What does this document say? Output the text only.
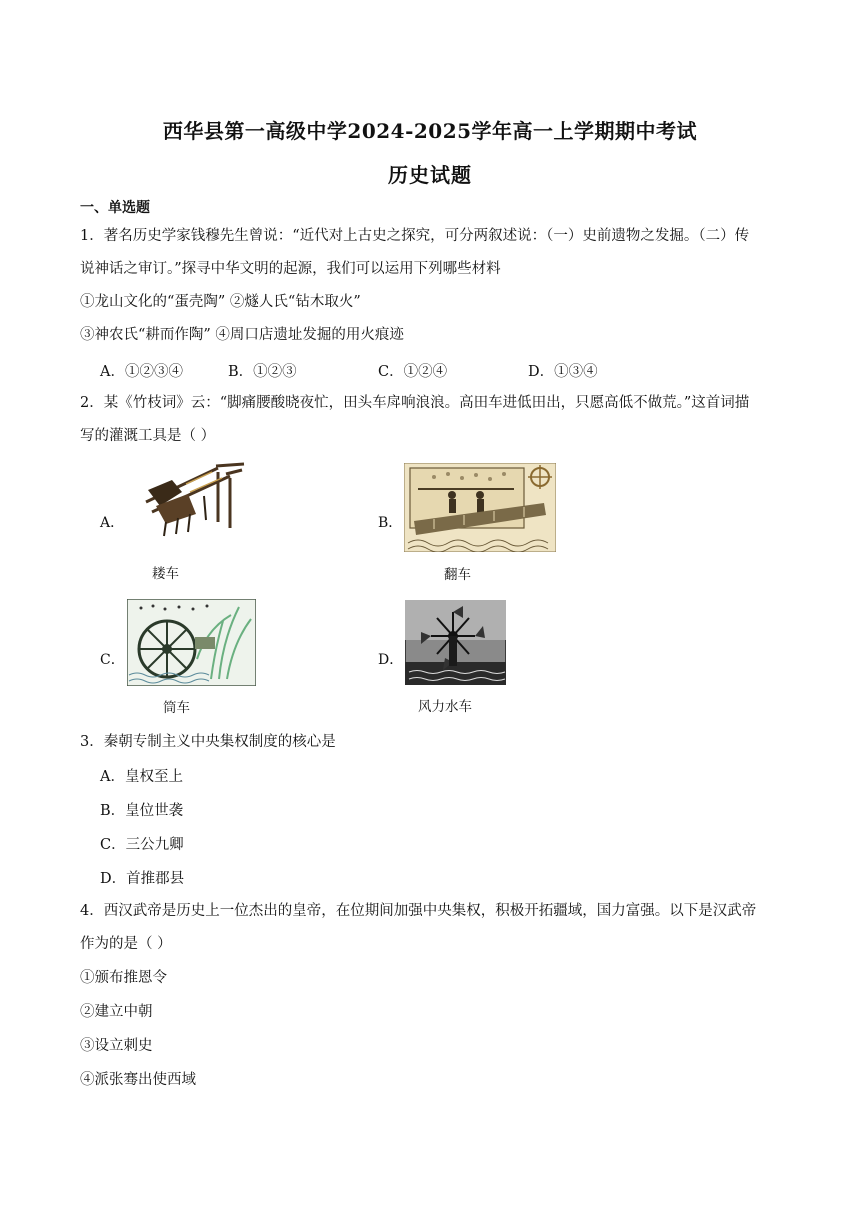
西华县第一高级中学2024-2025学年高一上学期期中考试
历史试题
一、单选题
1．著名历史学家钱穆先生曾说：“近代对上古史之探究，可分两叙述说：（一）史前遗物之发掘。（二）传
说神话之审订。”探寻中华文明的起源，我们可以运用下列哪些材料
①龙山文化的“蛋壳陶” ②燧人氏“钻木取火”
③神农氏“耕而作陶” ④周口店遗址发掘的用火痕迹
A．①②③④	B．①②③	C．①②④	D．①③④
2．某《竹枝词》云：“脚痛腰酸晓夜忙，田头车戽响浪浪。高田车进低田出，只愿高低不做荒。”这首词描
写的灌溉工具是（ ）
A．
耧车
B．
翻车
C．
筒车
D．
风力水车
3．秦朝专制主义中央集权制度的核心是
A．皇权至上
B．皇位世袭
C．三公九卿
D．首推郡县
4．西汉武帝是历史上一位杰出的皇帝，在位期间加强中央集权，积极开拓疆域，国力富强。以下是汉武帝
作为的是（ ）
①颁布推恩令
②建立中朝
③设立刺史
④派张骞出使西域
